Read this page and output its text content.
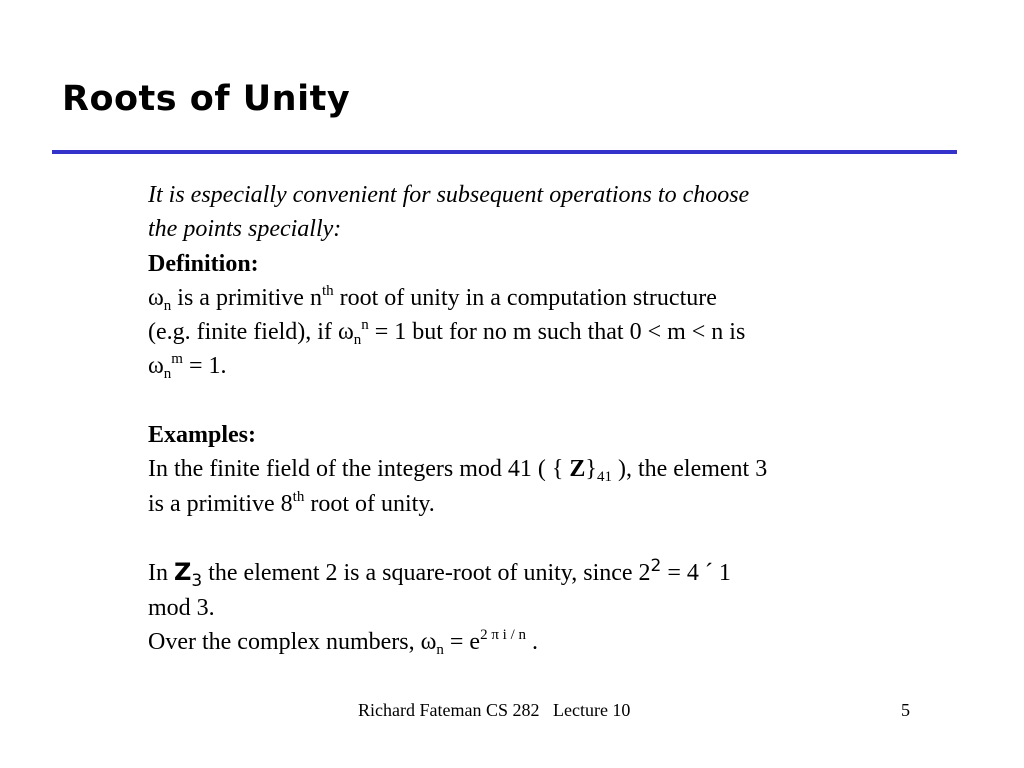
Roots of Unity
It is especially convenient for subsequent operations to choose
the points specially:
Definition:
$\omega_n$ is a primitive $n^{th}$ root of unity in a computation structure
(e.g. finite field), if $\omega_n^n = 1$ but for no m such that 0 < m < n is
$\omega_n^m = 1$.
Examples:
In the finite field of the integers mod 41 ( { $Z\}_{41}$ ), the element 3
is a primitive 8th root of unity.
In $Z_3$ the element 2 is a square-root of unity, since $2^2 = 4$ ´ 1
mod 3.
Over the complex numbers, $\omega_n = e^{2 \pi i / n}$ .
Richard Fateman CS 282   Lecture 10	5
